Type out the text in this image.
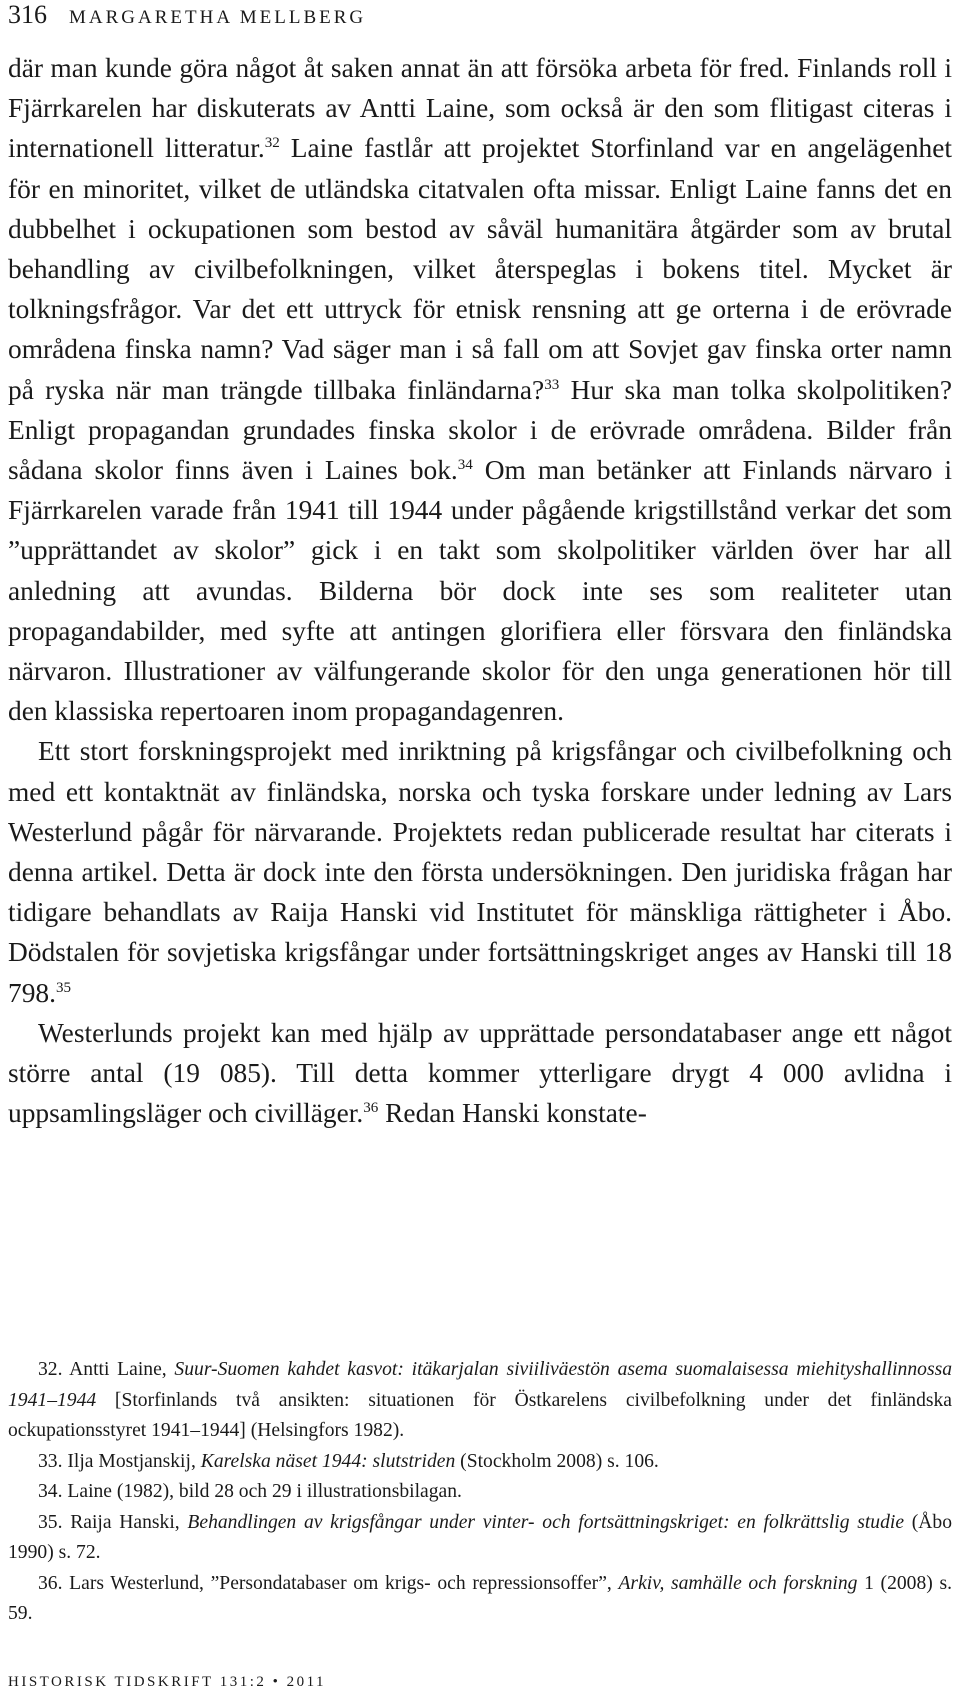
316 MARGARETHA MELLBERG

där man kunde göra något åt saken annat än att försöka arbeta för fred. Finlands roll i Fjärrkarelen har diskuterats av Antti Laine, som också är den som flitigast citeras i internationell litteratur.$^{32}$ Laine fastlår att projektet Storfinland var en angelägenhet för en minoritet, vilket de utländska citatvalen ofta missar. Enligt Laine fanns det en dubbelhet i ockupationen som bestod av såväl humanitära åtgärder som av brutal behandling av civilbefolkningen, vilket återspeglas i bokens titel. Mycket är tolkningsfrågor. Var det ett uttryck för etnisk rensning att ge orterna i de erövrade områdena finska namn? Vad säger man i så fall om att Sovjet gav finska orter namn på ryska när man trängde tillbaka finländarna?$^{33}$ Hur ska man tolka skolpolitiken? Enligt propagandan grundades finska skolor i de erövrade områdena. Bilder från sådana skolor finns även i Laines bok.$^{34}$ Om man betänker att Finlands närvaro i Fjärrkarelen varade från 1941 till 1944 under pågående krigstillstånd verkar det som ”upprättandet av skolor” gick i en takt som skolpolitiker världen över har all anledning att avundas. Bilderna bör dock inte ses som realiteter utan propagandabilder, med syfte att antingen glorifiera eller försvara den finländska närvaron. Illustrationer av välfungerande skolor för den unga generationen hör till den klassiska repertoaren inom propagandagenren.

Ett stort forskningsprojekt med inriktning på krigsfångar och civilbefolkning och med ett kontaktnät av finländska, norska och tyska forskare under ledning av Lars Westerlund pågår för närvarande. Projektets redan publicerade resultat har citerats i denna artikel. Detta är dock inte den första undersökningen. Den juridiska frågan har tidigare behandlats av Raija Hanski vid Institutet för mänskliga rättigheter i Åbo. Dödstalen för sovjetiska krigsfångar under fortsättningskriget anges av Hanski till 18 798.35

Westerlunds projekt kan med hjälp av upprättade persondatabaser ange ett något större antal (19 085). Till detta kommer ytterligare drygt 4 000 avlidna i uppsamlingsläger och civilläger.$^{36}$ Redan Hanski konstate-

32. Antti Laine, Suur-Suomen kahdet kasvot: itäkarjalan siviiliväestön asema suomalaisessa miehityshallinnossa 1941–1944 [Storfinlands två ansikten: situationen för Östkarelens civilbefolkning under det finländska ockupationsstyret 1941–1944] (Helsingfors 1982).

33. Ilja Mostjanskij, Karelska näset 1944: slutstriden (Stockholm 2008) s. 106.

34. Laine (1982), bild 28 och 29 i illustrationsbilagan.

35. Raija Hanski, Behandlingen av krigsfångar under vinter- och fortsättningskriget: en folkrättslig studie (Åbo 1990) s. 72.

36. Lars Westerlund, ”Persondatabaser om krigs- och repressionsoffer”, Arkiv, samhälle och forskning 1 (2008) s. 59.

HISTORISK TIDSKRIFT 131:2 • 2011
